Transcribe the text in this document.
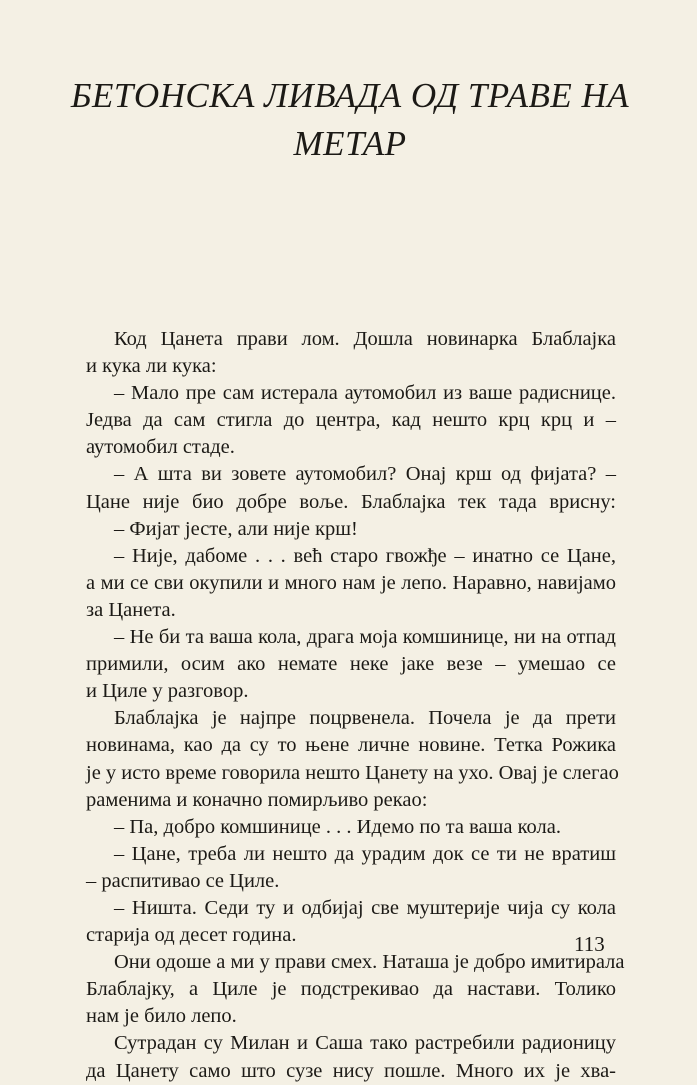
БЕТОНСКА ЛИВАДА ОД ТРАВЕ НА
МЕТАР
Код Цанета прави лом. Дошла новинарка Блаблајка
и кука ли кука:
– Мало пре сам истерала аутомобил из ваше радиснице.
Једва да сам стигла до центра, кад нешто крц крц и –
аутомобил стаде.
– А шта ви зовете аутомобил? Онај крш од фијата? –
Цане није био добре воље. Блаблајка тек тада врисну:
– Фијат јесте, али није крш!
– Није, дабоме . . . већ старо гвожђе – инатно се Цане,
а ми се сви окупили и много нам је лепо. Наравно, навијамо
за Цанета.
– Не би та ваша кола, драга моја комшинице, ни на отпад
примили, осим ако немате неке јаке везе – умешао се
и Циле у разговор.
Блаблајка је најпре поцрвенела. Почела је да прети
новинама, као да су то њене личне новине. Тетка Рожика
је у исто време говорила нешто Цанету на ухо. Овај је слегао
раменима и коначно помирљиво рекао:
– Па, добро комшинице . . . Идемо по та ваша кола.
– Цане, треба ли нешто да урадим док се ти не вратиш
– распитивао се Циле.
– Ништа. Седи ту и одбијај све муштерије чија су кола
старија од десет година.
Они одоше а ми у прави смех. Наташа је добро имитирала
Блаблајку, а Циле је подстрекивао да настави. Толико
нам је било лепо.
Сутрадан су Милан и Саша тако растребили радионицу
да Цанету само што сузе нису пошле. Много их је хва-
113
